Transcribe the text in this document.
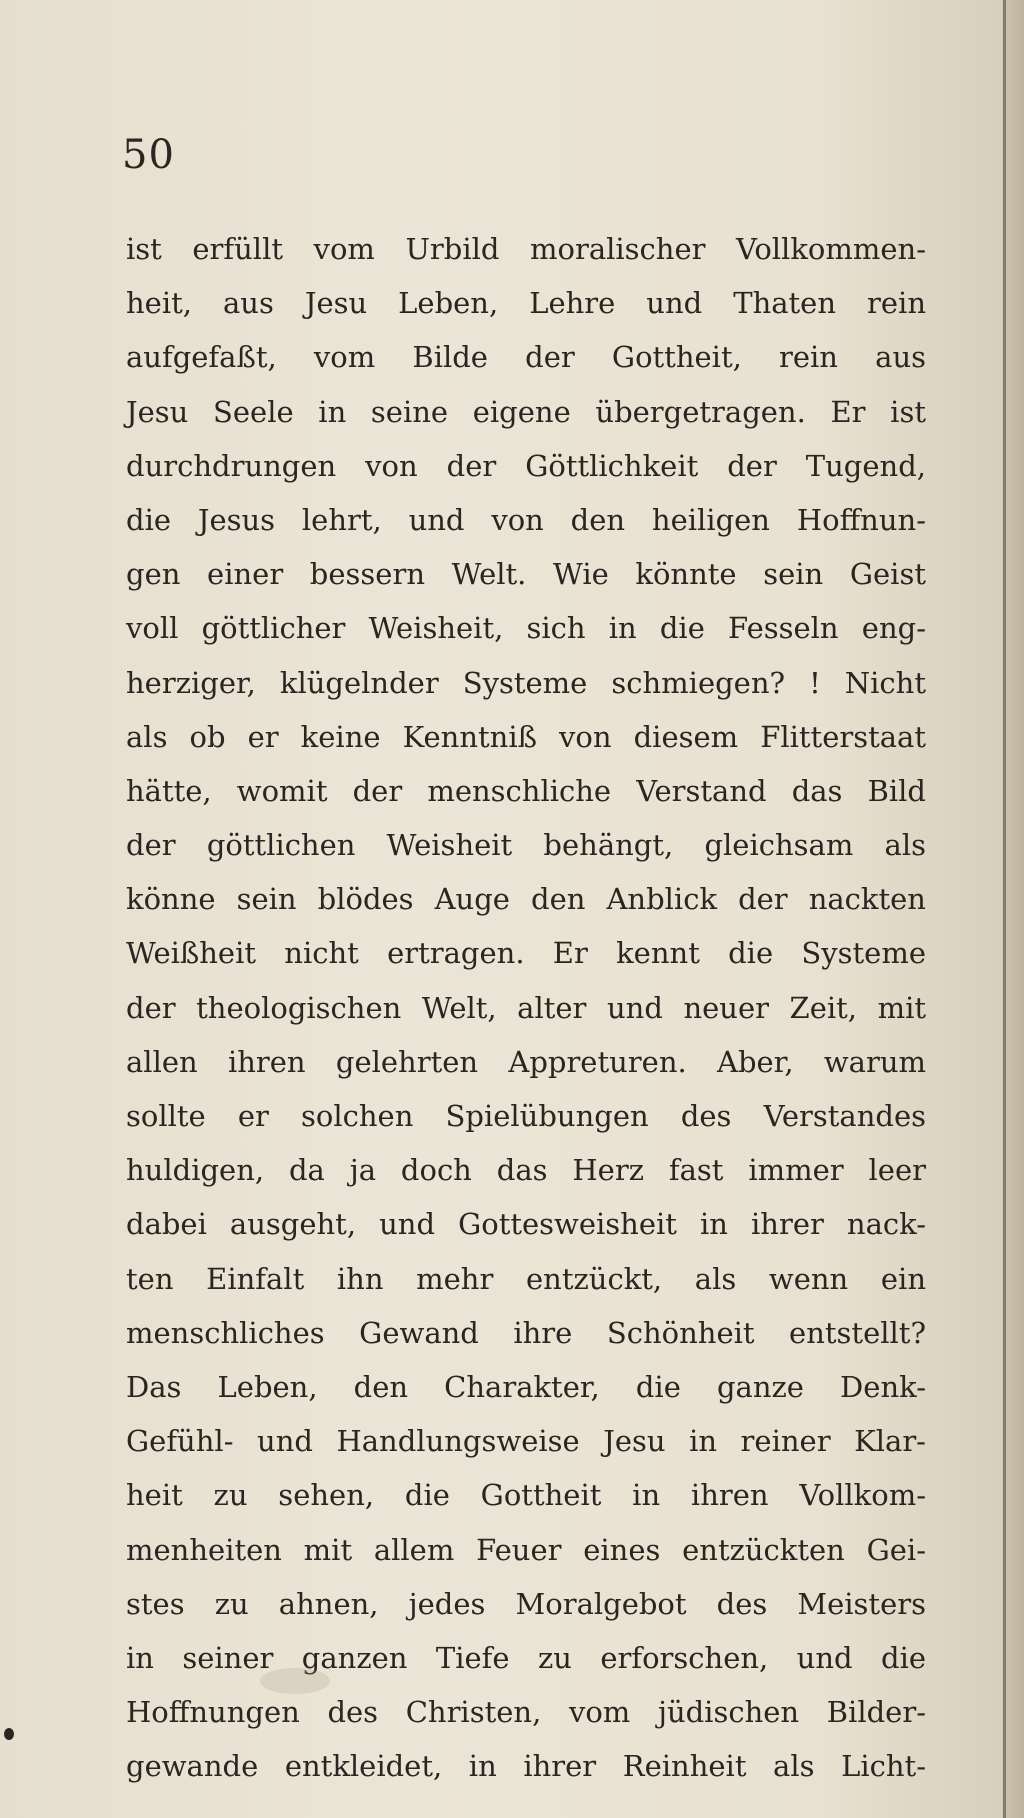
50
ist erfüllt vom Urbild moralischer Vollkommen-
heit, aus Jesu Leben, Lehre und Thaten rein
aufgefaßt, vom Bilde der Gottheit, rein aus
Jesu Seele in seine eigene übergetragen. Er ist
durchdrungen von der Göttlichkeit der Tugend,
die Jesus lehrt, und von den heiligen Hoffnun-
gen einer bessern Welt. Wie könnte sein Geist
voll göttlicher Weisheit, sich in die Fesseln eng-
herziger, klügelnder Systeme schmiegen? ! Nicht
als ob er keine Kenntniß von diesem Flitterstaat
hätte, womit der menschliche Verstand das Bild
der göttlichen Weisheit behängt, gleichsam als
könne sein blödes Auge den Anblick der nackten
Weißheit nicht ertragen. Er kennt die Systeme
der theologischen Welt, alter und neuer Zeit, mit
allen ihren gelehrten Appreturen. Aber, warum
sollte er solchen Spielübungen des Verstandes
huldigen, da ja doch das Herz fast immer leer
dabei ausgeht, und Gottesweisheit in ihrer nack-
ten Einfalt ihn mehr entzückt, als wenn ein
menschliches Gewand ihre Schönheit entstellt?
Das Leben, den Charakter, die ganze Denk-
Gefühl- und Handlungsweise Jesu in reiner Klar-
heit zu sehen, die Gottheit in ihren Vollkom-
menheiten mit allem Feuer eines entzückten Gei-
stes zu ahnen, jedes Moralgebot des Meisters
in seiner ganzen Tiefe zu erforschen, und die
Hoffnungen des Christen, vom jüdischen Bilder-
gewande entkleidet, in ihrer Reinheit als Licht-
